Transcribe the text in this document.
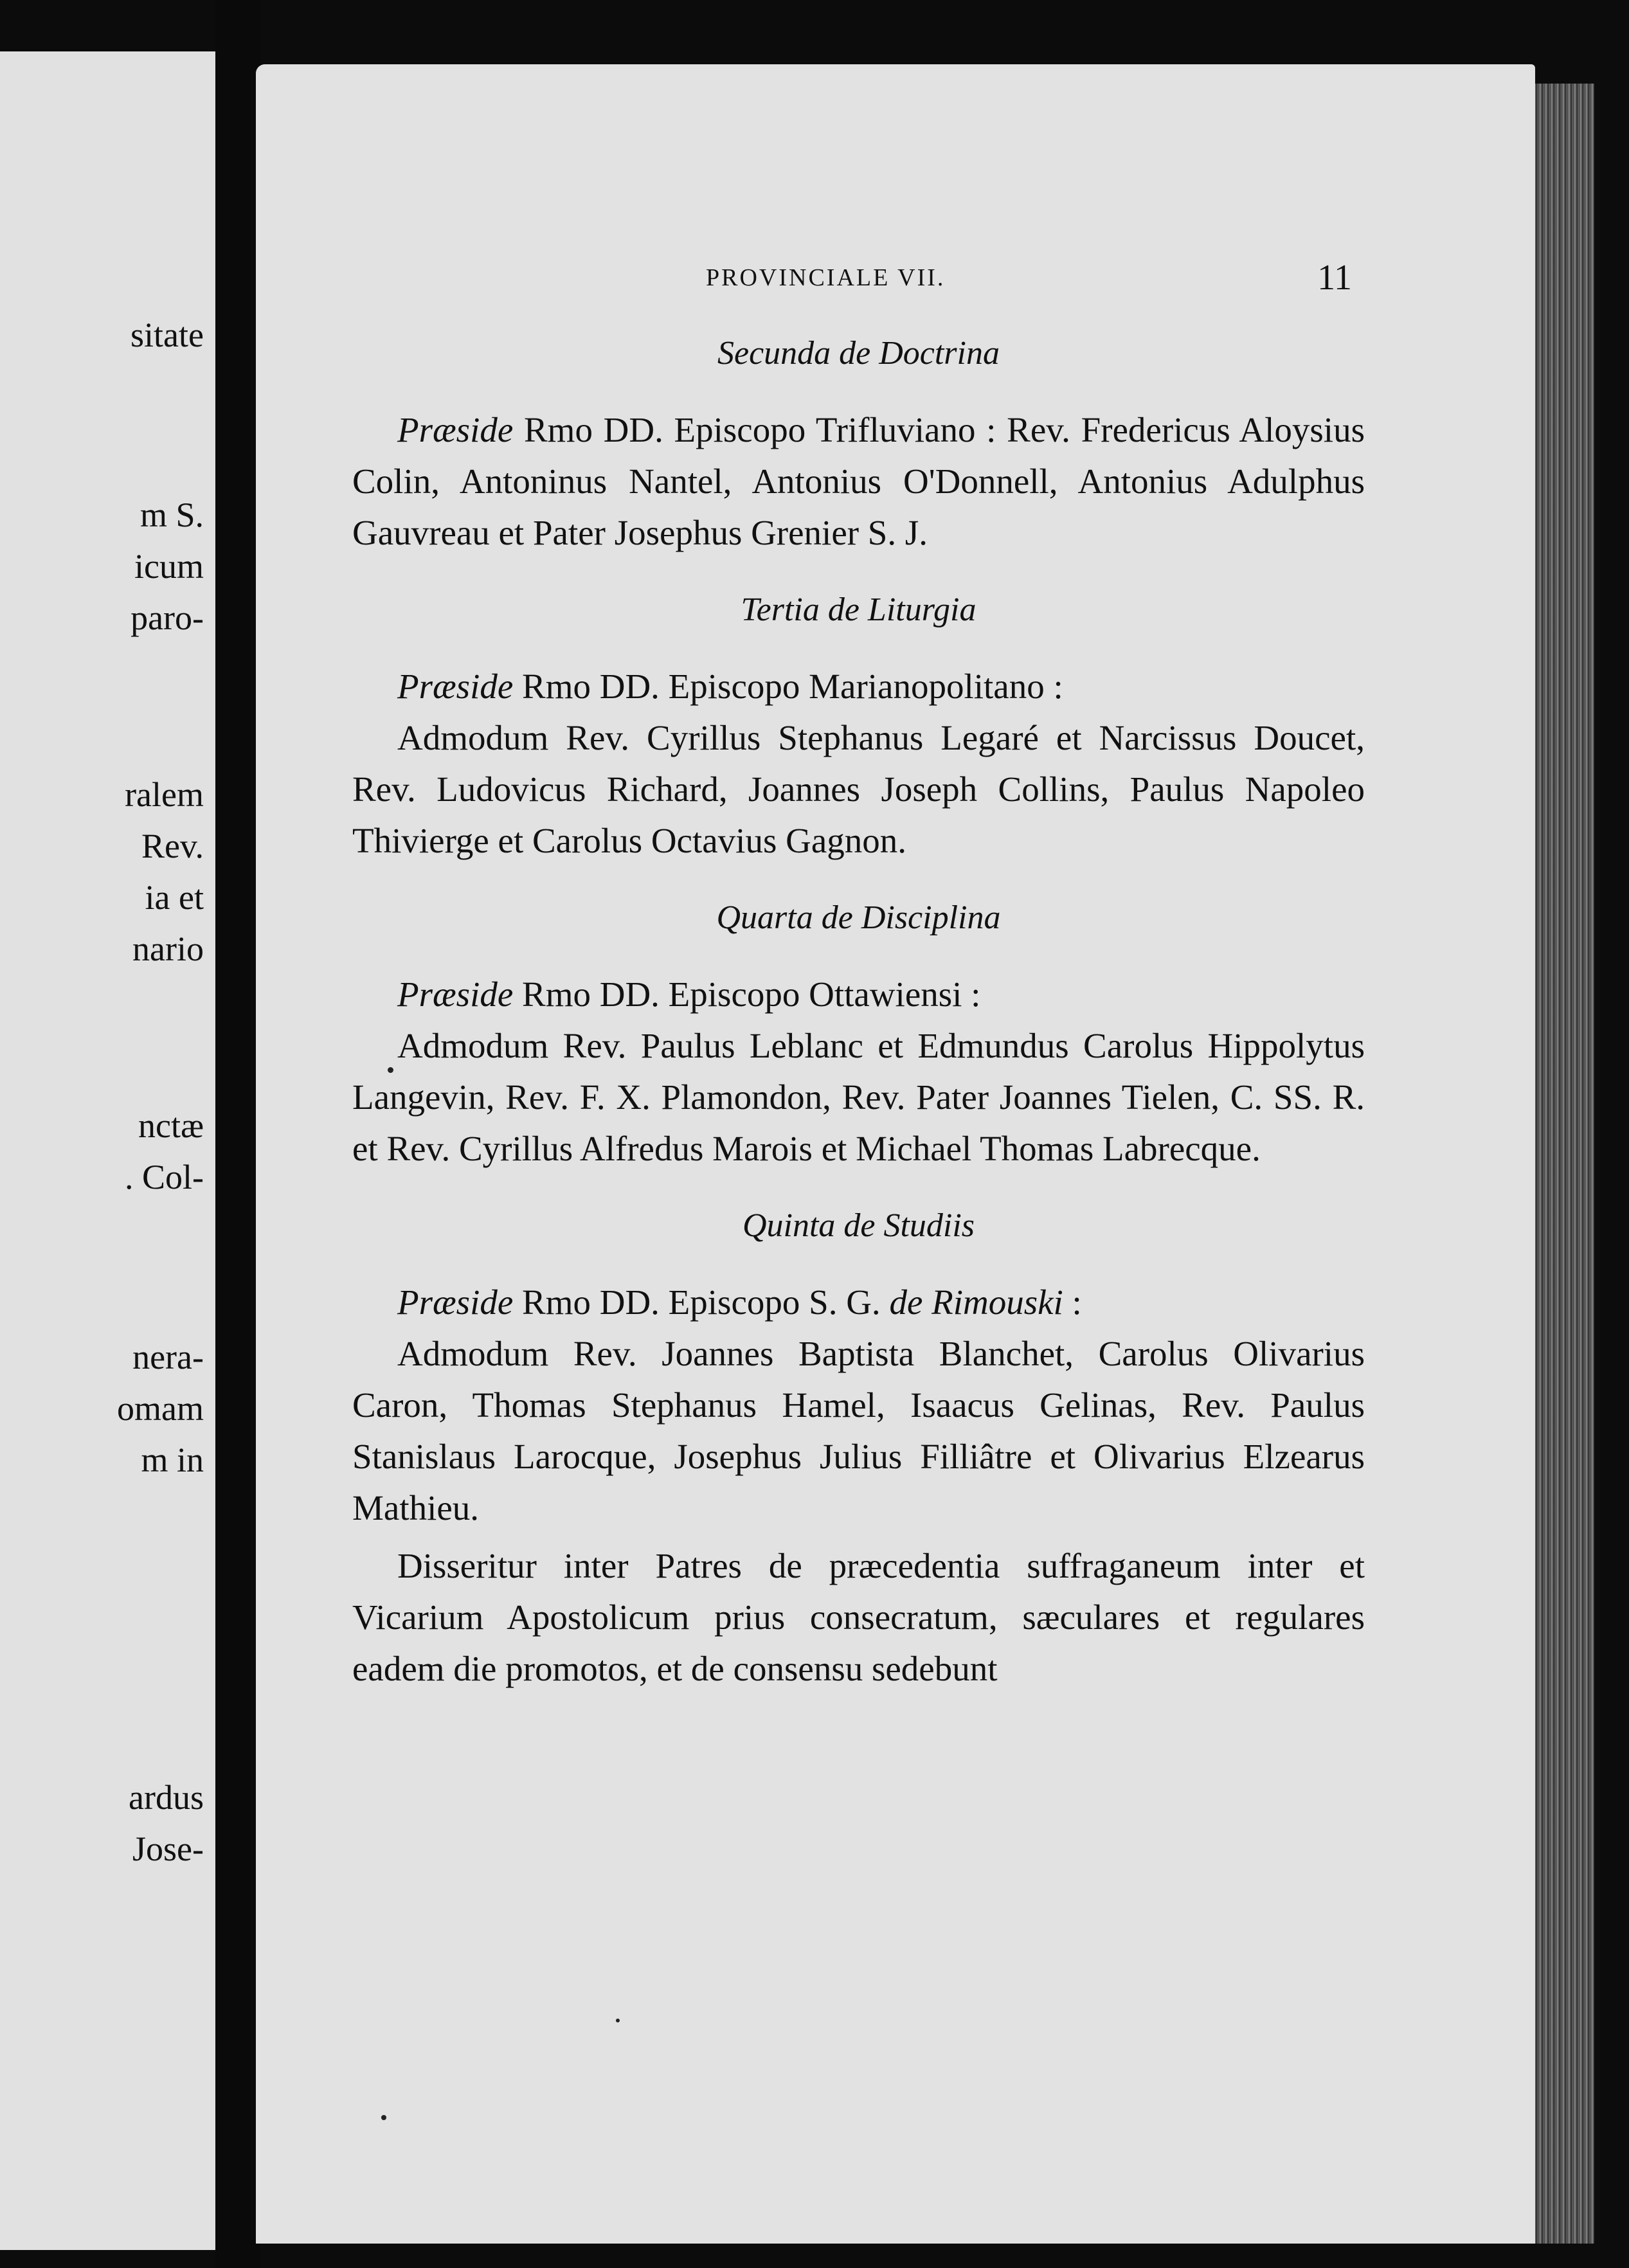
sitate
m S.
icum
paro-
ralem
Rev.
ia et
nario
nctæ
. Col-
nera-
omam
m in
ardus
Jose-
PROVINCIALE VII.	11
Secunda de Doctrina

Præside Rmo DD. Episcopo Trifluviano : Rev. Fredericus Aloysius Colin, Antoninus Nantel, Antonius O'Donnell, Antonius Adulphus Gauvreau et Pater Josephus Grenier S. J.

Tertia de Liturgia

Præside Rmo DD. Episcopo Marianopolitano :

Admodum Rev. Cyrillus Stephanus Legaré et Narcissus Doucet, Rev. Ludovicus Richard, Joannes Joseph Collins, Paulus Napoleo Thivierge et Carolus Octavius Gagnon.

Quarta de Disciplina

Præside Rmo DD. Episcopo Ottawiensi :

Admodum Rev. Paulus Leblanc et Edmundus Carolus Hippolytus Langevin, Rev. F. X. Plamondon, Rev. Pater Joannes Tielen, C. SS. R. et Rev. Cyrillus Alfredus Marois et Michael Thomas Labrecque.

Quinta de Studiis

Præside Rmo DD. Episcopo S. G. de Rimouski :

Admodum Rev. Joannes Baptista Blanchet, Carolus Olivarius Caron, Thomas Stephanus Hamel, Isaacus Gelinas, Rev. Paulus Stanislaus Larocque, Josephus Julius Filliâtre et Olivarius Elzearus Mathieu.

Disseritur inter Patres de præcedentia suffraganeum inter et Vicarium Apostolicum prius consecratum, sæculares et regulares eadem die promotos, et de consensu sedebunt
